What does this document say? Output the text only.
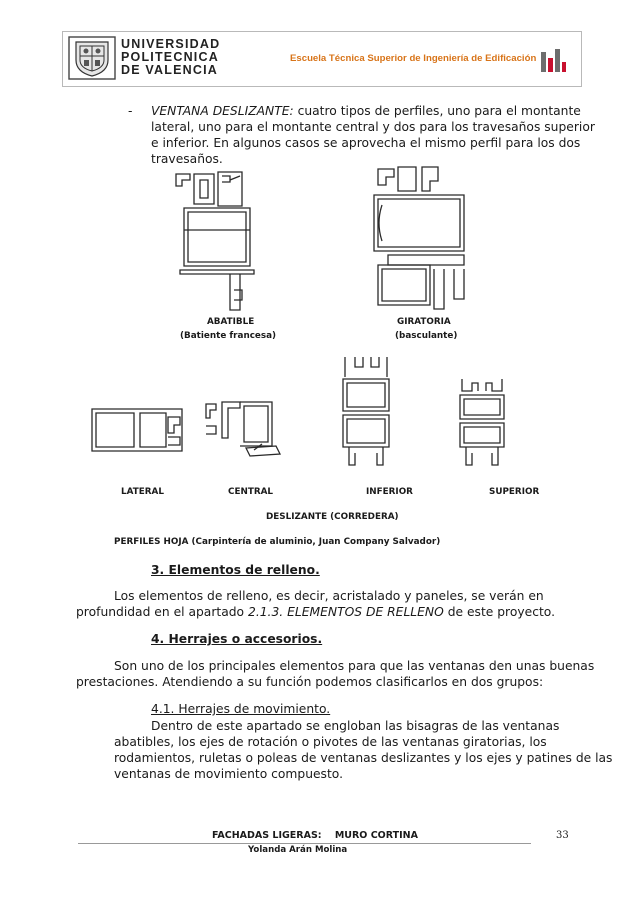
UNIVERSIDAD
POLITECNICA
DE VALENCIA
Escuela Técnica Superior de Ingeniería de Edificación
- VENTANA DESLIZANTE: cuatro tipos de perfiles, uno para el montante
lateral, uno para el montante central y dos para los travesaños superior
e inferior. En algunos casos se aprovecha el mismo perfil para los dos
travesaños.
ABATIBLE
(Batiente francesa)
GIRATORIA
(basculante)
LATERAL	CENTRAL	INFERIOR	SUPERIOR
DESLIZANTE (CORREDERA)
PERFILES HOJA (Carpintería de aluminio, Juan Company Salvador)
3. Elementos de relleno.
Los elementos de relleno, es decir, acristalado y paneles, se verán en
profundidad en el apartado 2.1.3. ELEMENTOS DE RELLENO de este proyecto.
4. Herrajes o accesorios.
Son uno de los principales elementos para que las ventanas den unas buenas
prestaciones. Atendiendo a su función podemos clasificarlos en dos grupos:
4.1. Herrajes de movimiento.
Dentro de este apartado se engloban las bisagras de las ventanas
abatibles, los ejes de rotación o pivotes de las ventanas giratorias, los
rodamientos, ruletas o poleas de ventanas deslizantes y los ejes y patines de las
ventanas de movimiento compuesto.
FACHADAS LIGERAS:    MURO CORTINA
Yolanda Arán Molina
33
